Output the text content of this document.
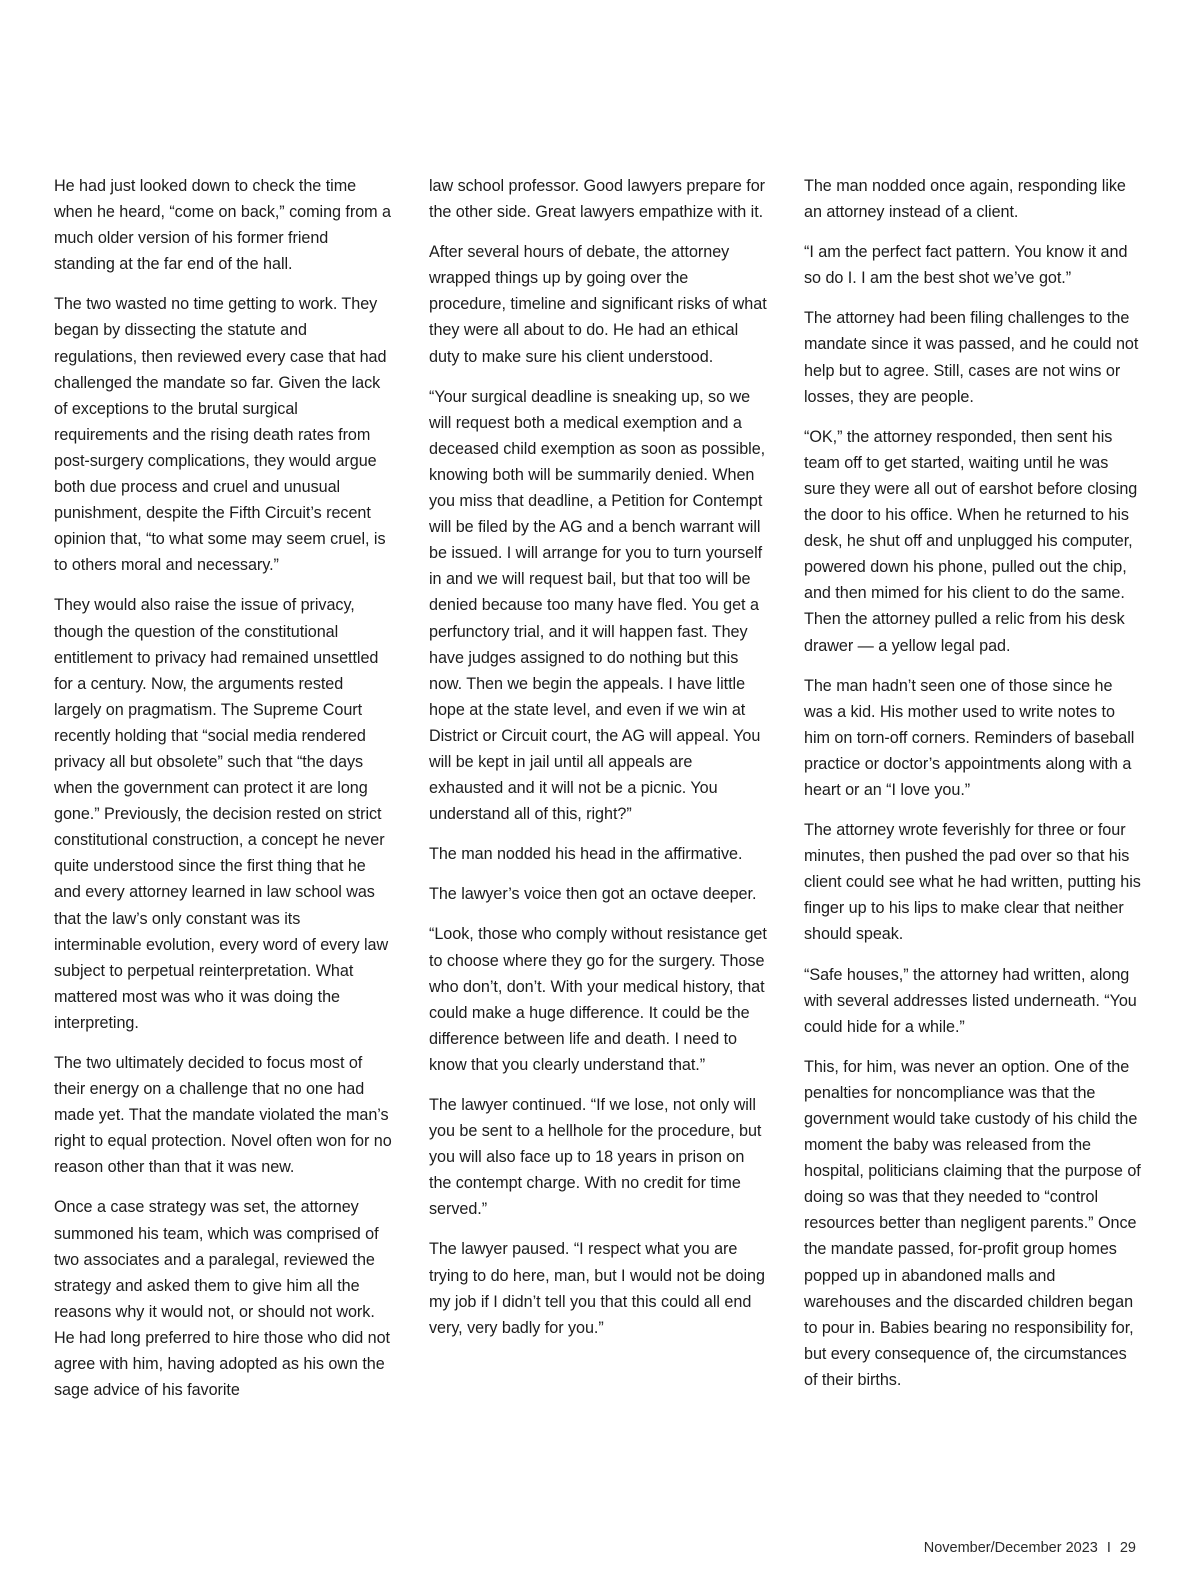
He had just looked down to check the time when he heard, “come on back,” coming from a much older version of his former friend standing at the far end of the hall.

The two wasted no time getting to work. They began by dissecting the statute and regulations, then reviewed every case that had challenged the mandate so far. Given the lack of exceptions to the brutal surgical requirements and the rising death rates from post-surgery complications, they would argue both due process and cruel and unusual punishment, despite the Fifth Circuit’s recent opinion that, “to what some may seem cruel, is to others moral and necessary.”

They would also raise the issue of privacy, though the question of the constitutional entitlement to privacy had remained unsettled for a century. Now, the arguments rested largely on pragmatism. The Supreme Court recently holding that “social media rendered privacy all but obsolete” such that “the days when the government can protect it are long gone.” Previously, the decision rested on strict constitutional construction, a concept he never quite understood since the first thing that he and every attorney learned in law school was that the law’s only constant was its interminable evolution, every word of every law subject to perpetual reinterpretation. What mattered most was who it was doing the interpreting.

The two ultimately decided to focus most of their energy on a challenge that no one had made yet. That the mandate violated the man’s right to equal protection. Novel often won for no reason other than that it was new.

Once a case strategy was set, the attorney summoned his team, which was comprised of two associates and a paralegal, reviewed the strategy and asked them to give him all the reasons why it would not, or should not work. He had long preferred to hire those who did not agree with him, having adopted as his own the sage advice of his favorite

law school professor. Good lawyers prepare for the other side. Great lawyers empathize with it.

After several hours of debate, the attorney wrapped things up by going over the procedure, timeline and significant risks of what they were all about to do. He had an ethical duty to make sure his client understood.

“Your surgical deadline is sneaking up, so we will request both a medical exemption and a deceased child exemption as soon as possible, knowing both will be summarily denied. When you miss that deadline, a Petition for Contempt will be filed by the AG and a bench warrant will be issued. I will arrange for you to turn yourself in and we will request bail, but that too will be denied because too many have fled. You get a perfunctory trial, and it will happen fast. They have judges assigned to do nothing but this now. Then we begin the appeals. I have little hope at the state level, and even if we win at District or Circuit court, the AG will appeal. You will be kept in jail until all appeals are exhausted and it will not be a picnic. You understand all of this, right?”

The man nodded his head in the affirmative.

The lawyer’s voice then got an octave deeper.

“Look, those who comply without resistance get to choose where they go for the surgery. Those who don’t, don’t. With your medical history, that could make a huge difference. It could be the difference between life and death. I need to know that you clearly understand that.”

The lawyer continued. “If we lose, not only will you be sent to a hellhole for the procedure, but you will also face up to 18 years in prison on the contempt charge. With no credit for time served.”

The lawyer paused. “I respect what you are trying to do here, man, but I would not be doing my job if I didn’t tell you that this could all end very, very badly for you.”

The man nodded once again, responding like an attorney instead of a client.

“I am the perfect fact pattern. You know it and so do I. I am the best shot we’ve got.”

The attorney had been filing challenges to the mandate since it was passed, and he could not help but to agree. Still, cases are not wins or losses, they are people.

“OK,” the attorney responded, then sent his team off to get started, waiting until he was sure they were all out of earshot before closing the door to his office. When he returned to his desk, he shut off and unplugged his computer, powered down his phone, pulled out the chip, and then mimed for his client to do the same. Then the attorney pulled a relic from his desk drawer — a yellow legal pad.

The man hadn’t seen one of those since he was a kid. His mother used to write notes to him on torn-off corners. Reminders of baseball practice or doctor’s appointments along with a heart or an “I love you.”

The attorney wrote feverishly for three or four minutes, then pushed the pad over so that his client could see what he had written, putting his finger up to his lips to make clear that neither should speak.

“Safe houses,” the attorney had written, along with several addresses listed underneath. “You could hide for a while.”

This, for him, was never an option. One of the penalties for noncompliance was that the government would take custody of his child the moment the baby was released from the hospital, politicians claiming that the purpose of doing so was that they needed to “control resources better than negligent parents.” Once the mandate passed, for-profit group homes popped up in abandoned malls and warehouses and the discarded children began to pour in. Babies bearing no responsibility for, but every consequence of, the circumstances of their births.

November/December 2023 I 29
